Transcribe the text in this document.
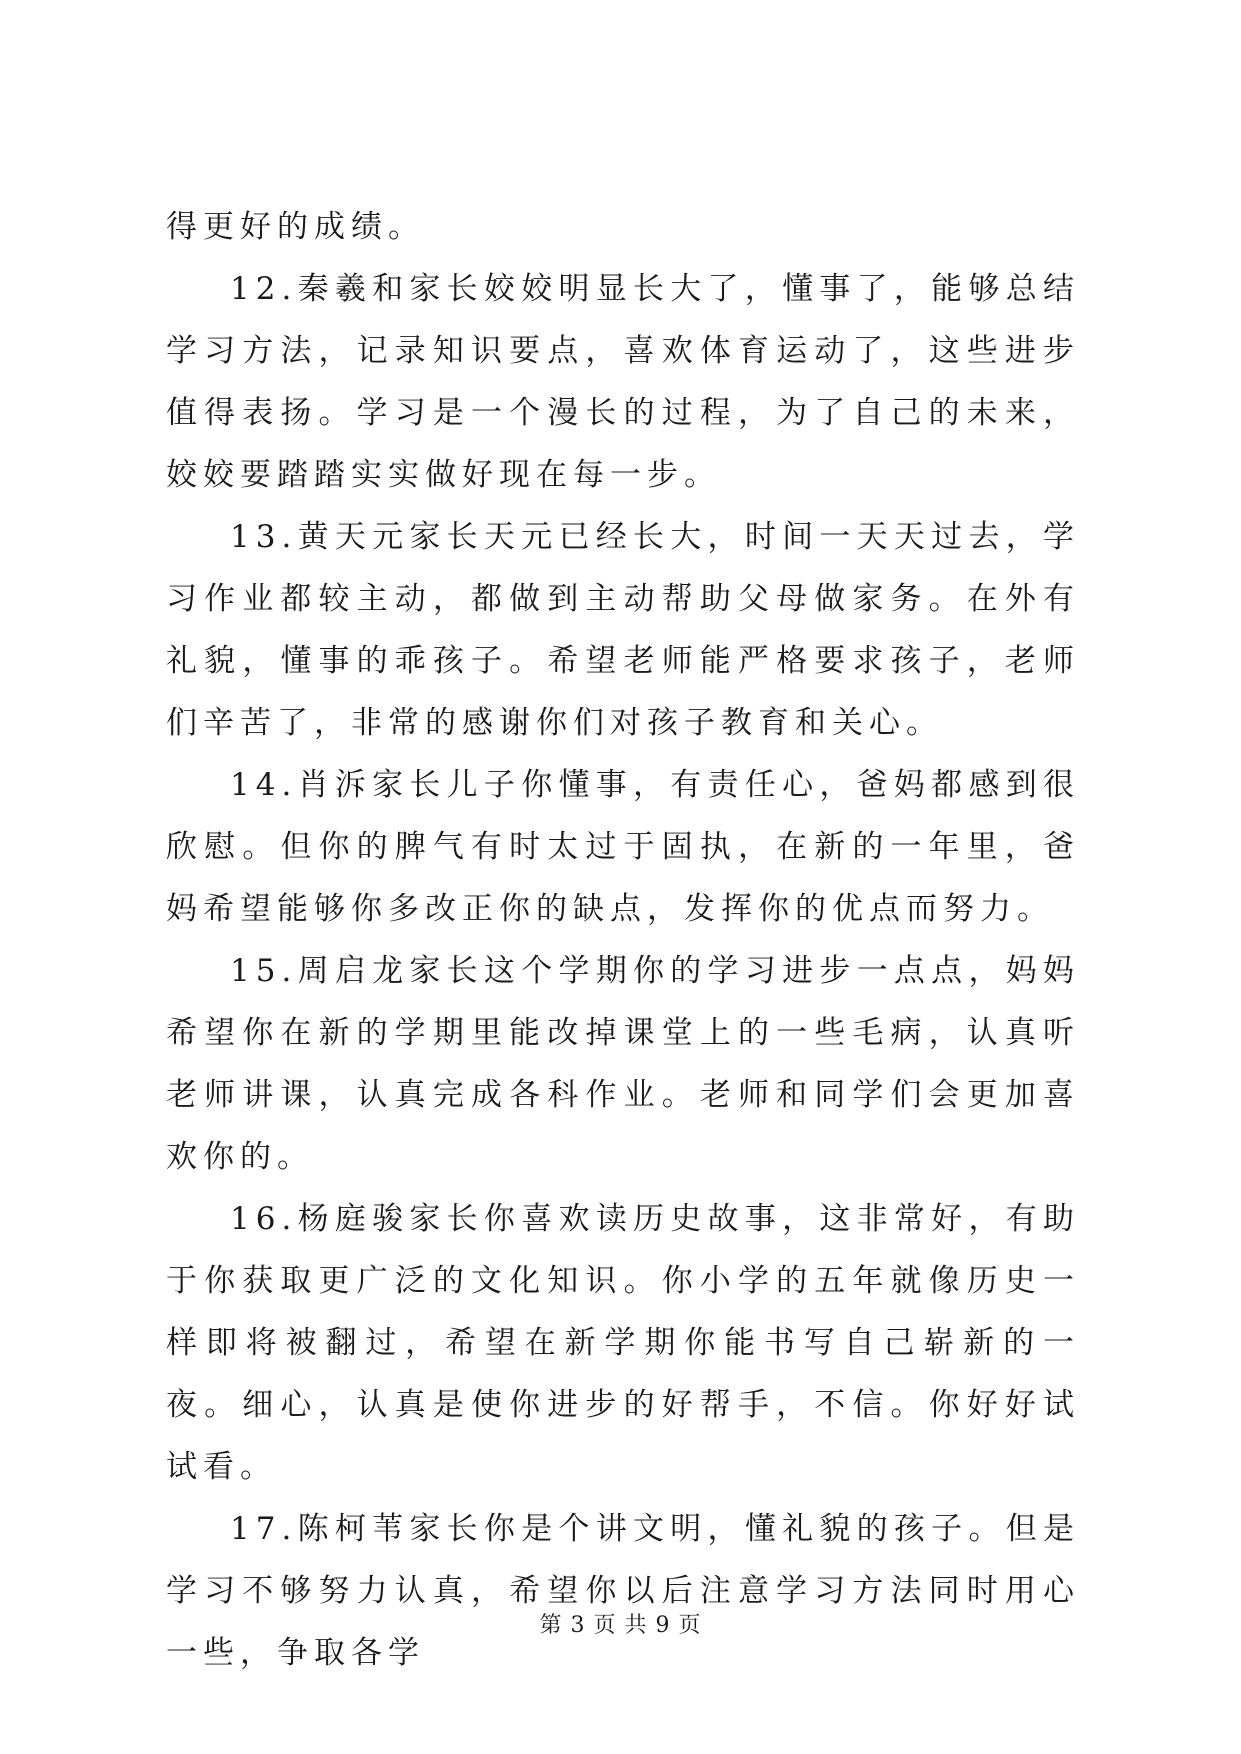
得更好的成绩。

12.秦羲和家长姣姣明显长大了，懂事了，能够总结学习方法，记录知识要点，喜欢体育运动了，这些进步值得表扬。学习是一个漫长的过程，为了自己的未来，姣姣要踏踏实实做好现在每一步。

13.黄天元家长天元已经长大，时间一天天过去，学习作业都较主动，都做到主动帮助父母做家务。在外有礼貌，懂事的乖孩子。希望老师能严格要求孩子，老师们辛苦了，非常的感谢你们对孩子教育和关心。

14.肖泝家长儿子你懂事，有责任心，爸妈都感到很欣慰。但你的脾气有时太过于固执，在新的一年里，爸妈希望能够你多改正你的缺点，发挥你的优点而努力。

15.周启龙家长这个学期你的学习进步一点点，妈妈希望你在新的学期里能改掉课堂上的一些毛病，认真听老师讲课，认真完成各科作业。老师和同学们会更加喜欢你的。

16.杨庭骏家长你喜欢读历史故事，这非常好，有助于你获取更广泛的文化知识。你小学的五年就像历史一样即将被翻过，希望在新学期你能书写自己崭新的一夜。细心，认真是使你进步的好帮手，不信。你好好试试看。

17.陈柯苇家长你是个讲文明，懂礼貌的孩子。但是学习不够努力认真，希望你以后注意学习方法同时用心一些，争取各学

第 3 页 共 9 页
